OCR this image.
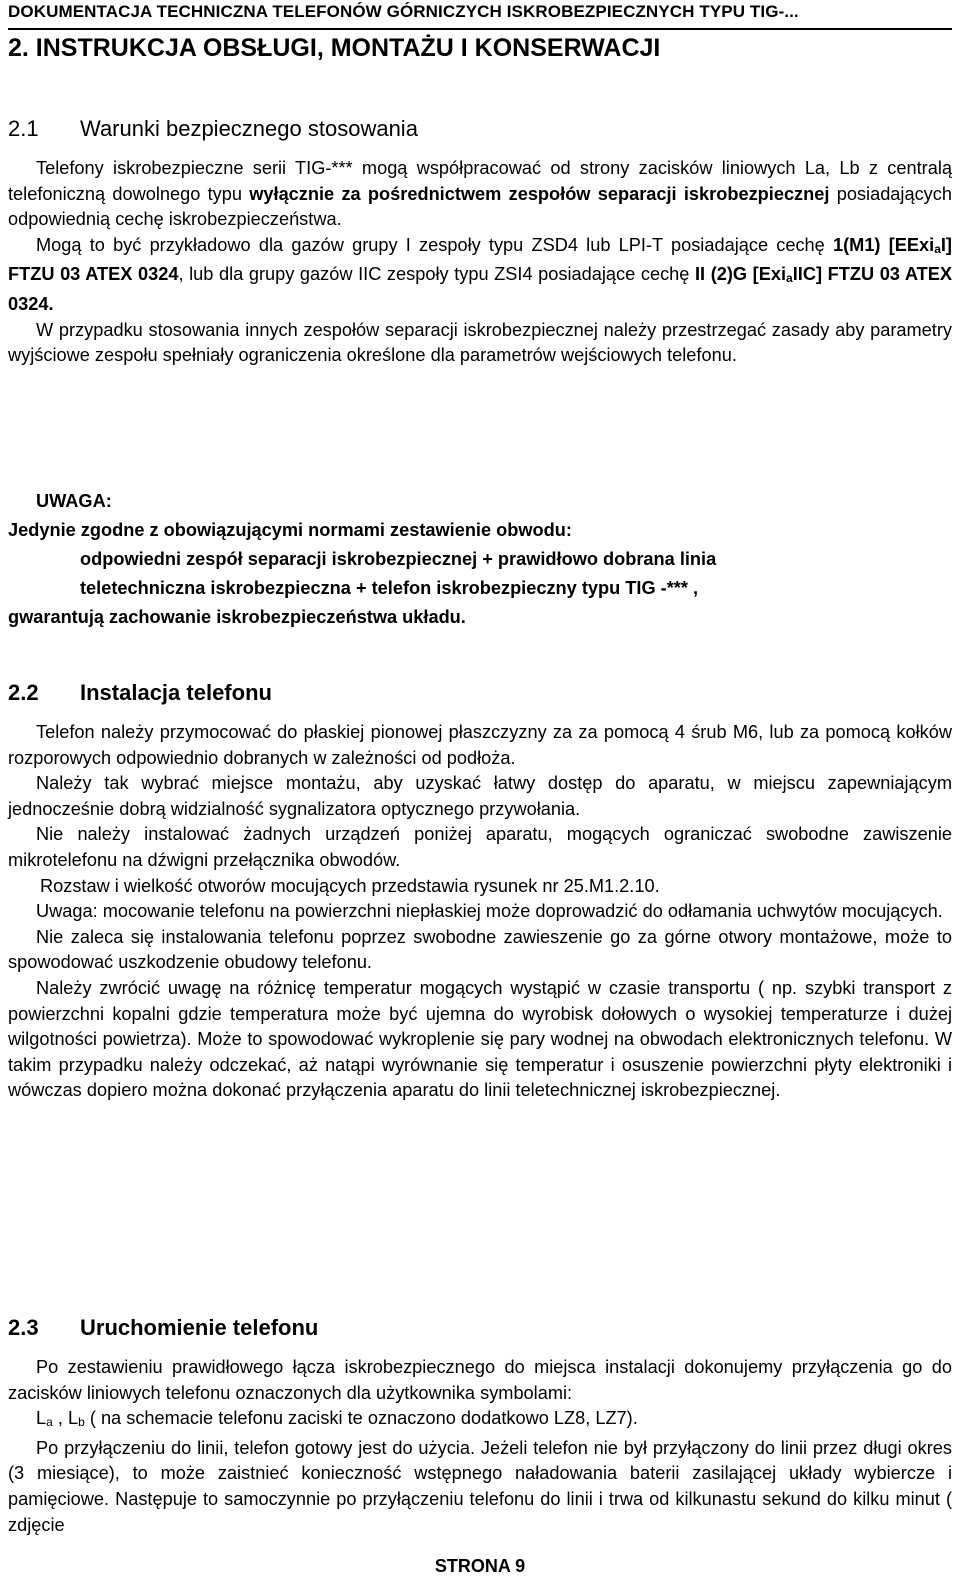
DOKUMENTACJA TECHNICZNA TELEFONÓW GÓRNICZYCH ISKROBEZPIECZNYCH TYPU TIG-...
2. INSTRUKCJA OBSŁUGI, MONTAŻU I KONSERWACJI
2.1 Warunki bezpiecznego stosowania

Telefony iskrobezpieczne serii TIG-*** mogą współpracować od strony zacisków liniowych La, Lb z centralą telefoniczną dowolnego typu wyłącznie za pośrednictwem zespołów separacji iskrobezpiecznej posiadających odpowiednią cechę iskrobezpieczeństwa.

Mogą to być przykładowo dla gazów grupy I zespoły typu ZSD4 lub LPI-T posiadające cechę 1(M1) [EExiaI] FTZU 03 ATEX 0324, lub dla grupy gazów IIC zespoły typu ZSI4 posiadające cechę II (2)G [ExiaIIC] FTZU 03 ATEX 0324.

W przypadku stosowania innych zespołów separacji iskrobezpiecznej należy przestrzegać zasady aby parametry wyjściowe zespołu spełniały ograniczenia określone dla parametrów wejściowych telefonu.

UWAGA:

Jedynie zgodne z obowiązującymi normami zestawienie obwodu:

odpowiedni zespół separacji iskrobezpiecznej + prawidłowo dobrana linia

teletechniczna iskrobezpieczna + telefon iskrobezpieczny typu TIG -*** ,

gwarantują zachowanie iskrobezpieczeństwa układu.

2.2 Instalacja telefonu

Telefon należy przymocować do płaskiej pionowej płaszczyzny za za pomocą 4 śrub M6, lub za pomocą kołków rozporowych odpowiednio dobranych w zależności od podłoża.

Należy tak wybrać miejsce montażu, aby uzyskać łatwy dostęp do aparatu, w miejscu zapewniającym jednocześnie dobrą widzialność sygnalizatora optycznego przywołania.

Nie należy instalować żadnych urządzeń poniżej aparatu, mogących ograniczać swobodne zawiszenie mikrotelefonu na dźwigni przełącznika obwodów.

Rozstaw i wielkość otworów mocujących przedstawia rysunek nr 25.M1.2.10.

Uwaga: mocowanie telefonu na powierzchni niepłaskiej może doprowadzić do odłamania uchwytów mocujących.

Nie zaleca się instalowania telefonu poprzez swobodne zawieszenie go za górne otwory montażowe, może to spowodować uszkodzenie obudowy telefonu.

Należy zwrócić uwagę na różnicę temperatur mogących wystąpić w czasie transportu ( np. szybki transport z powierzchni kopalni gdzie temperatura może być ujemna do wyrobisk dołowych o wysokiej temperaturze i dużej wilgotności powietrza). Może to spowodować wykroplenie się pary wodnej na obwodach elektronicznych telefonu. W takim przypadku należy odczekać, aż natąpi wyrównanie się temperatur i osuszenie powierzchni płyty elektroniki i wówczas dopiero można dokonać przyłączenia aparatu do linii teletechnicznej iskrobezpiecznej.

2.3 Uruchomienie telefonu

Po zestawieniu prawidłowego łącza iskrobezpiecznego do miejsca instalacji dokonujemy przyłączenia go do zacisków liniowych telefonu oznaczonych dla użytkownika symbolami:

La , Lb ( na schemacie telefonu zaciski te oznaczono dodatkowo LZ8, LZ7).

Po przyłączeniu do linii, telefon gotowy jest do użycia. Jeżeli telefon nie był przyłączony do linii przez długi okres (3 miesiące), to może zaistnieć konieczność wstępnego naładowania baterii zasilającej układy wybiercze i pamięciowe. Następuje to samoczynnie po przyłączeniu telefonu do linii i trwa od kilkunastu sekund do kilku minut ( zdjęcie

STRONA 9
